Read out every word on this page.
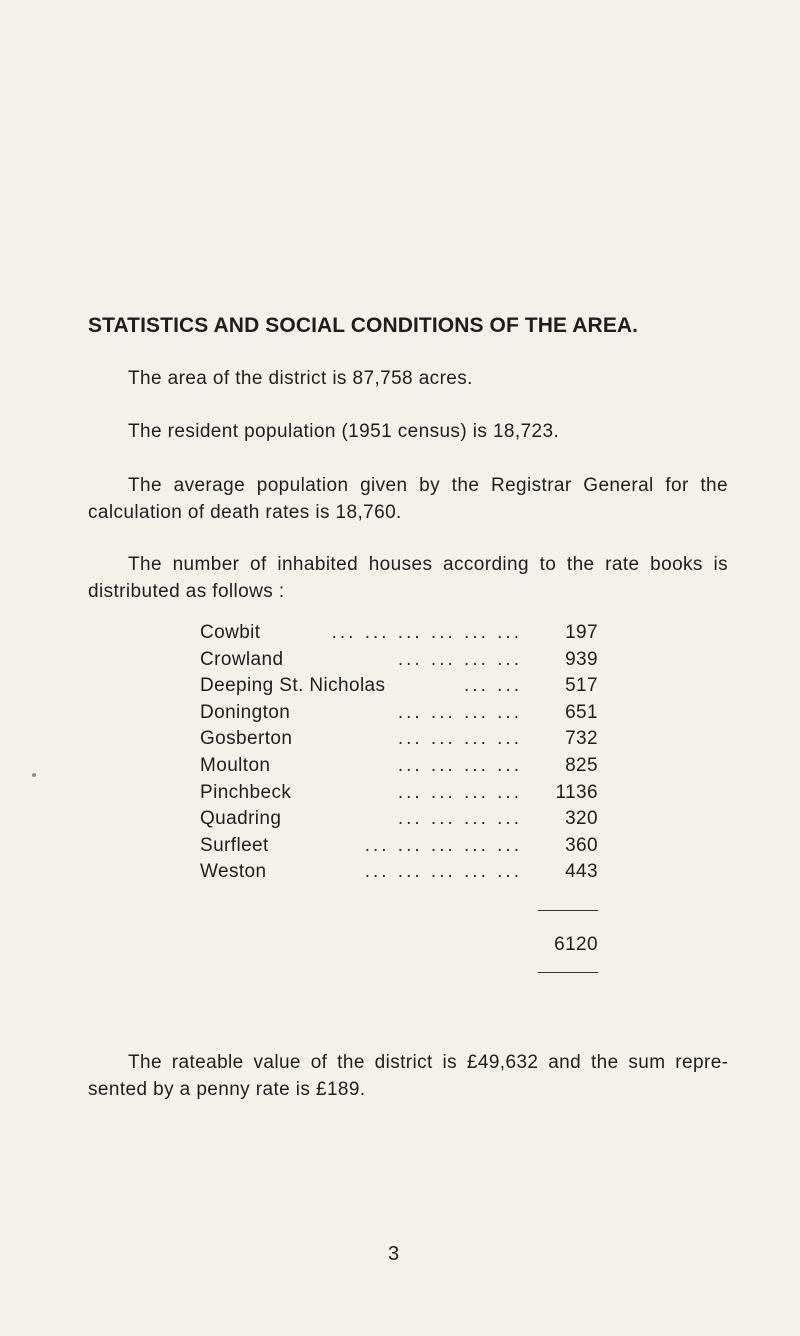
STATISTICS AND SOCIAL CONDITIONS OF THE AREA.
The area of the district is 87,758 acres.
The resident population (1951 census) is 18,723.
The average population given by the Registrar General for the calculation of death rates is 18,760.
The number of inhabited houses according to the rate books is distributed as follows :
Cowbit	... ... ... ... ... ...	197
Crowland	... ... ... ...	939
Deeping St. Nicholas	... ...	517
Donington	... ... ... ...	651
Gosberton	... ... ... ...	732
Moulton	... ... ... ...	825
Pinchbeck	... ... ... ...	1136
Quadring	... ... ... ...	320
Surfleet	... ... ... ... ...	360
Weston	... ... ... ... ...	443
6120
The rateable value of the district is £49,632 and the sum represented by a penny rate is £189.
3
